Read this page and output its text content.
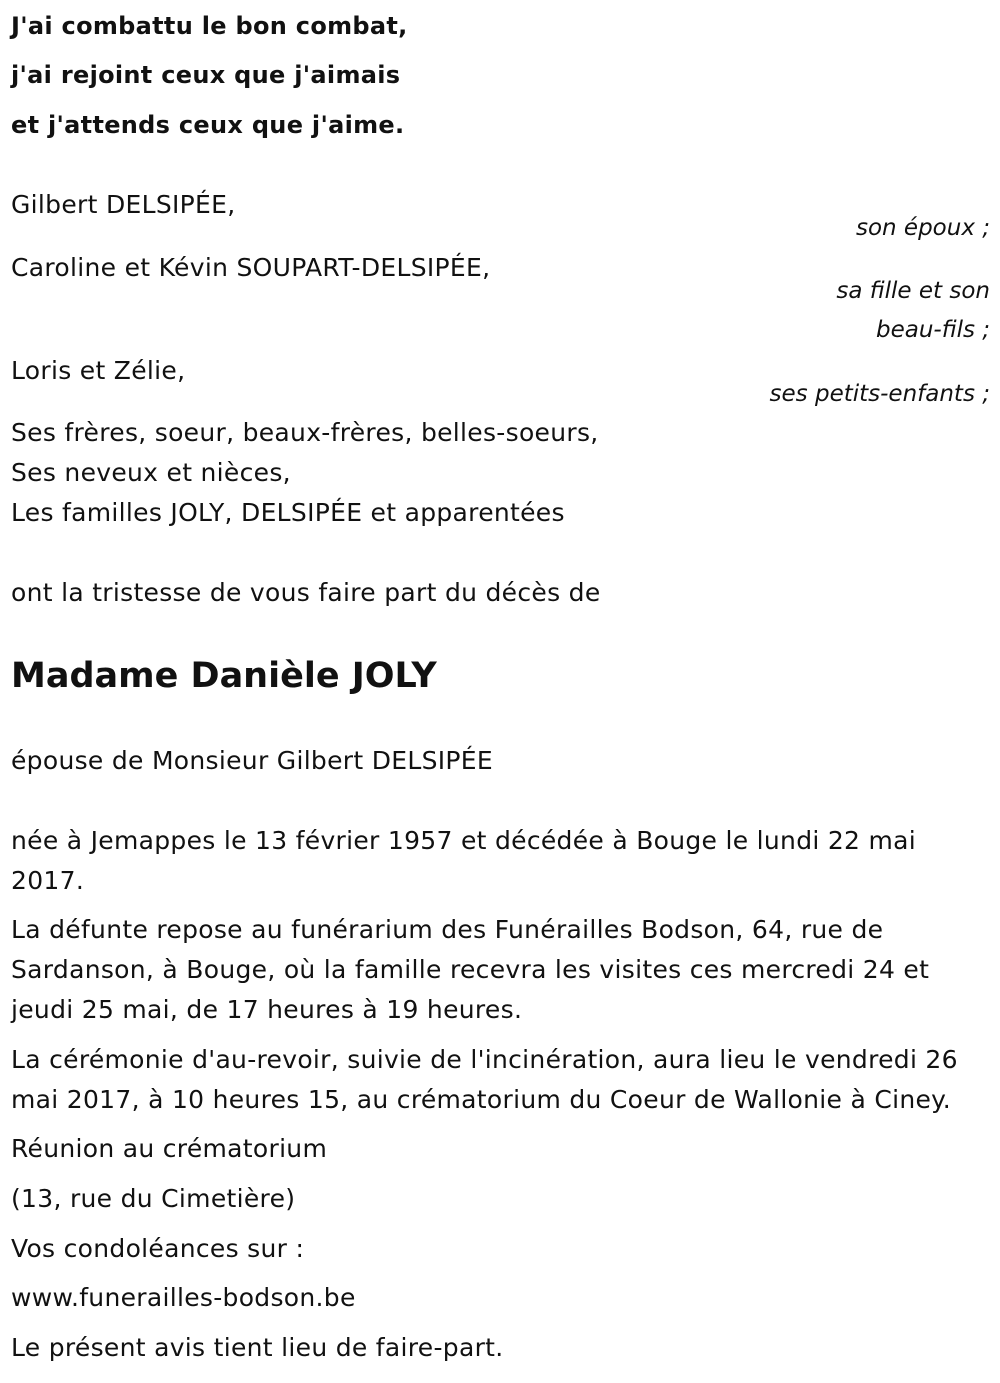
J'ai combattu le bon combat,
j'ai rejoint ceux que j'aimais
et j'attends ceux que j'aime.
Gilbert DELSIPÉE,
son époux ;
Caroline et Kévin SOUPART-DELSIPÉE,
sa fille et son
beau-fils ;
Loris et Zélie,
ses petits-enfants ;
Ses frères, soeur, beaux-frères, belles-soeurs,
Ses neveux et nièces,
Les familles JOLY, DELSIPÉE et apparentées
ont la tristesse de vous faire part du décès de
Madame Danièle JOLY
épouse de Monsieur Gilbert DELSIPÉE
née à Jemappes le 13 février 1957 et décédée à Bouge le lundi 22 mai
2017.
La défunte repose au funérarium des Funérailles Bodson, 64, rue de
Sardanson, à Bouge, où la famille recevra les visites ces mercredi 24 et
jeudi 25 mai, de 17 heures à 19 heures.
La cérémonie d'au-revoir, suivie de l'incinération, aura lieu le vendredi 26
mai 2017, à 10 heures 15, au crématorium du Coeur de Wallonie à Ciney.
Réunion au crématorium
(13, rue du Cimetière)
Vos condoléances sur :
www.funerailles-bodson.be
Le présent avis tient lieu de faire-part.
